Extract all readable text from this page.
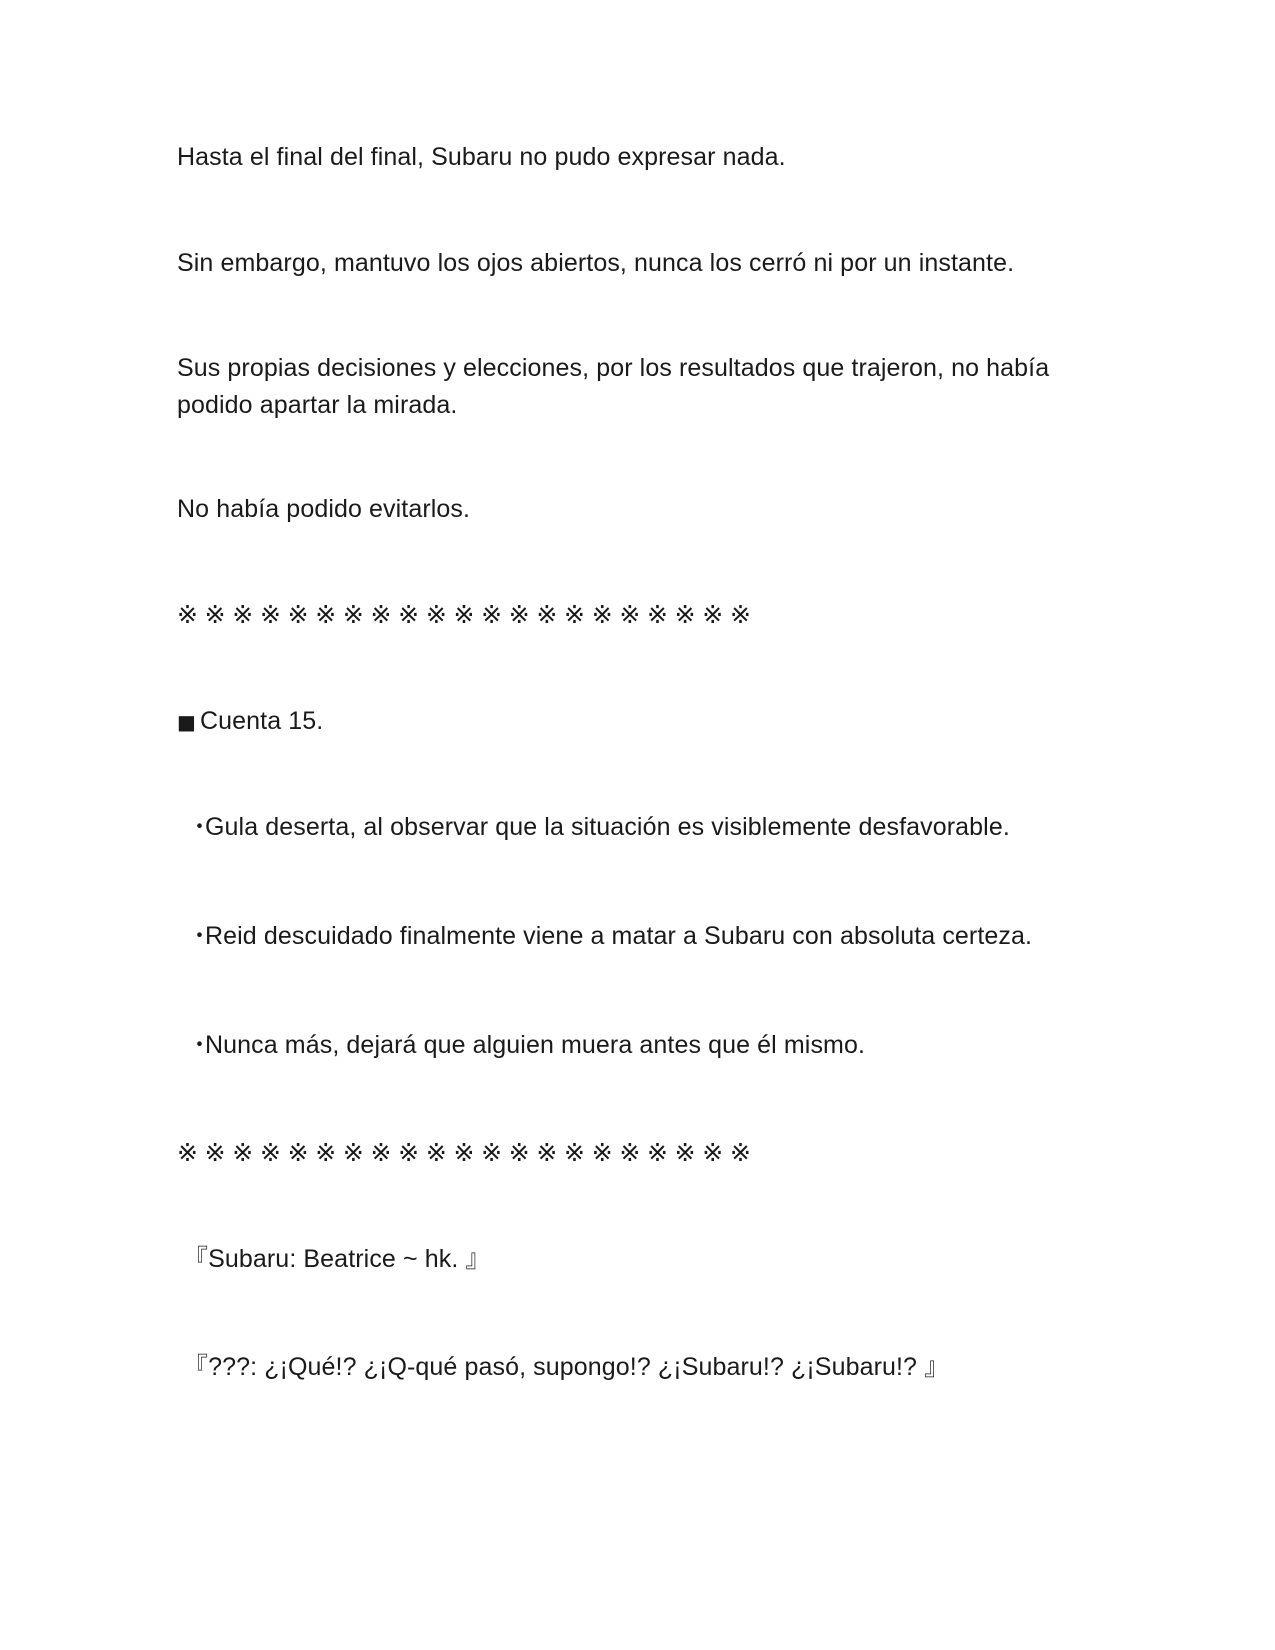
Hasta el final del final, Subaru no pudo expresar nada.
Sin embargo, mantuvo los ojos abiertos, nunca los cerró ni por un instante.
Sus propias decisiones y elecciones, por los resultados que trajeron, no había
podido apartar la mirada.
No había podido evitarlos.
※※※※※※※※※※※※※※※※※※※※※
■ Cuenta 15.
・Gula deserta, al observar que la situación es visiblemente desfavorable.
・Reid descuidado finalmente viene a matar a Subaru con absoluta certeza.
・Nunca más, dejará que alguien muera antes que él mismo.
※※※※※※※※※※※※※※※※※※※※※
『Subaru: Beatrice ~ hk. 』
『???: ¿¡Qué!? ¿¡Q-qué pasó, supongo!? ¿¡Subaru!? ¿¡Subaru!? 』
